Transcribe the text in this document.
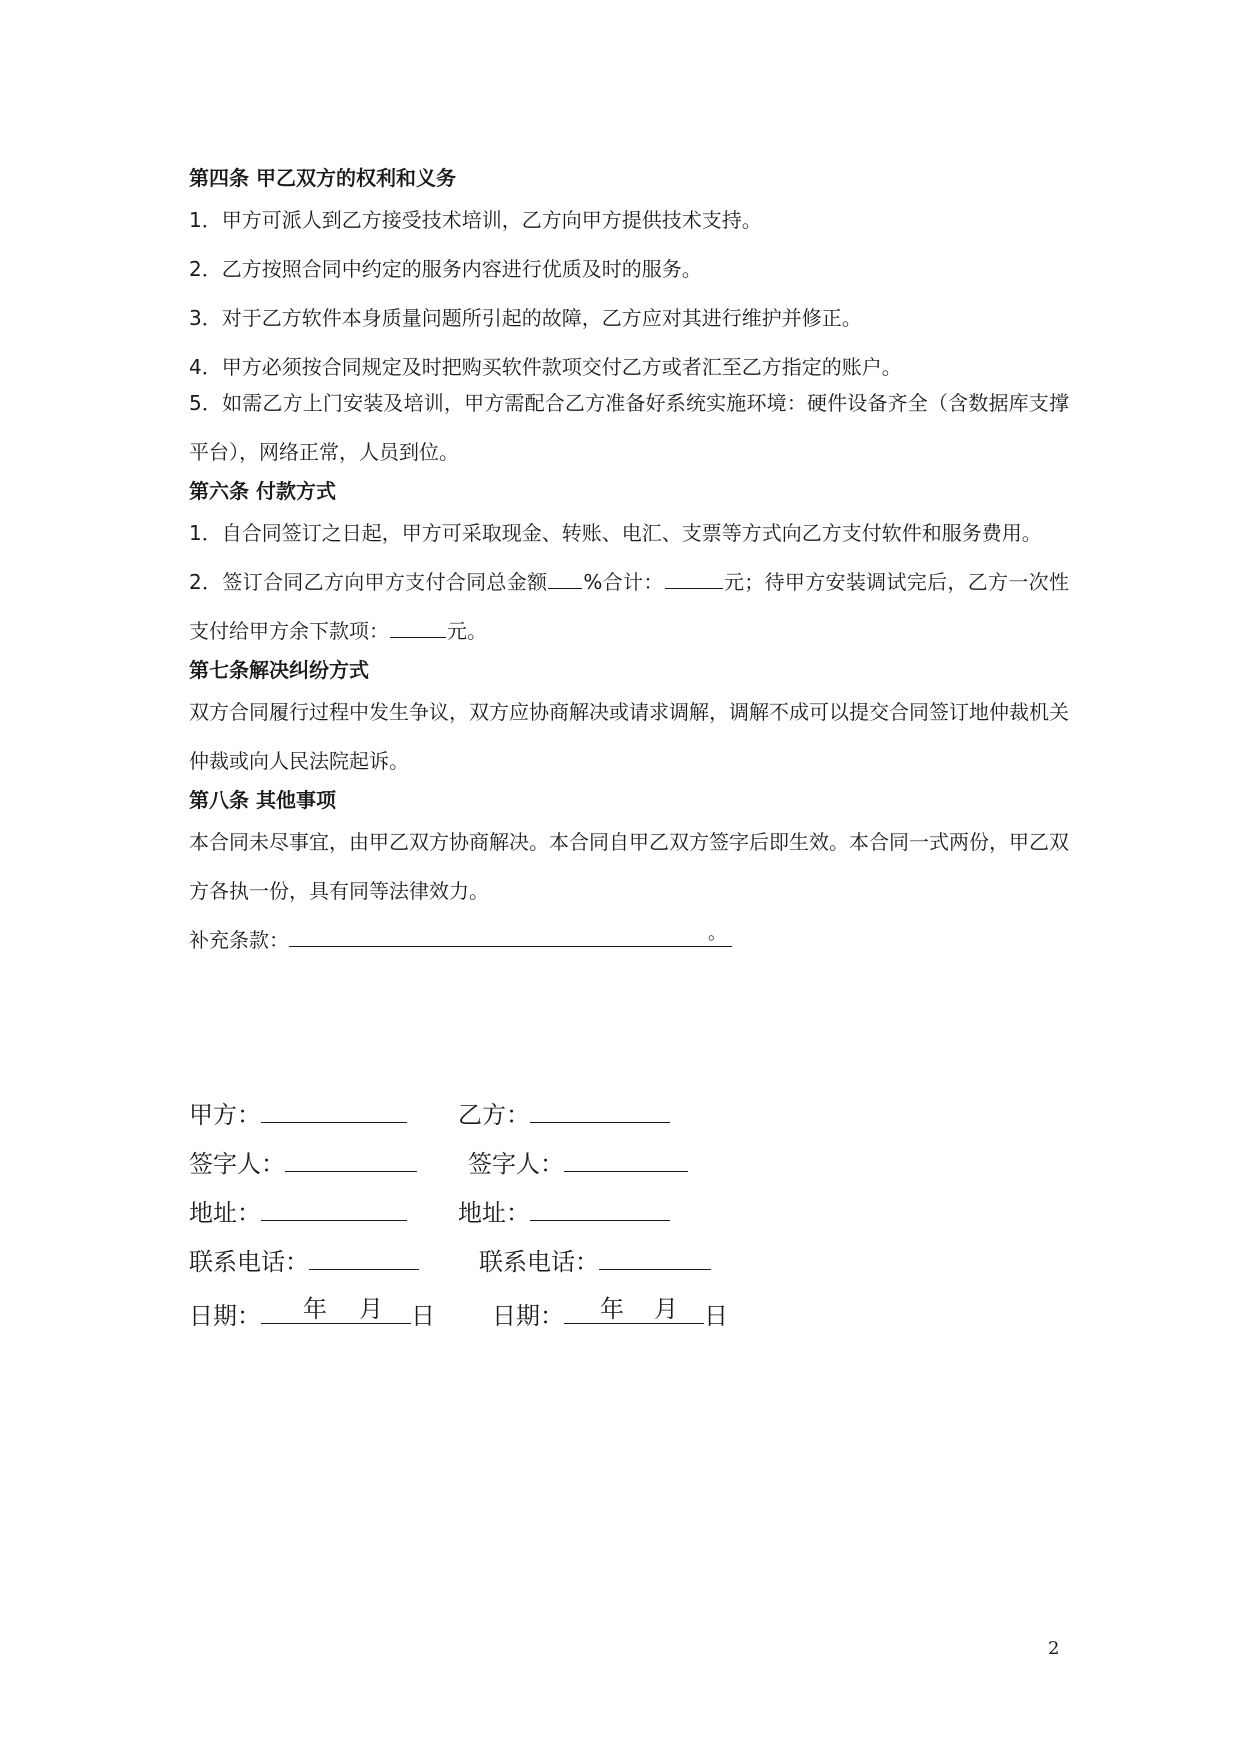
第四条 甲乙双方的权利和义务
1．甲方可派人到乙方接受技术培训，乙方向甲方提供技术支持。
2．乙方按照合同中约定的服务内容进行优质及时的服务。
3．对于乙方软件本身质量问题所引起的故障，乙方应对其进行维护并修正。
4．甲方必须按合同规定及时把购买软件款项交付乙方或者汇至乙方指定的账户。

5．如需乙方上门安装及培训，甲方需配合乙方准备好系统实施环境：硬件设备齐全（含数据库支撑平台），网络正常，人员到位。

第六条 付款方式

1．自合同签订之日起，甲方可采取现金、转账、电汇、支票等方式向乙方支付软件和服务费用。

2．签订合同乙方向甲方支付合同总金额 %合计：	元；待甲方安装调试完后，乙方一次性支付给甲方余下款项：	元。

第七条解决纠纷方式

双方合同履行过程中发生争议，双方应协商解决或请求调解，调解不成可以提交合同签订地仲裁机关仲裁或向人民法院起诉。

第八条 其他事项

本合同未尽事宜，由甲乙双方协商解决。本合同自甲乙双方签字后即生效。本合同一式两份，甲乙双方各执一份，具有同等法律效力。

补充条款：	。
甲方：	乙方：
签字人：	签字人：
地址：	地址：
联系电话：	联系电话：
日期： 年 月 日 日期： 年 月 日
2
